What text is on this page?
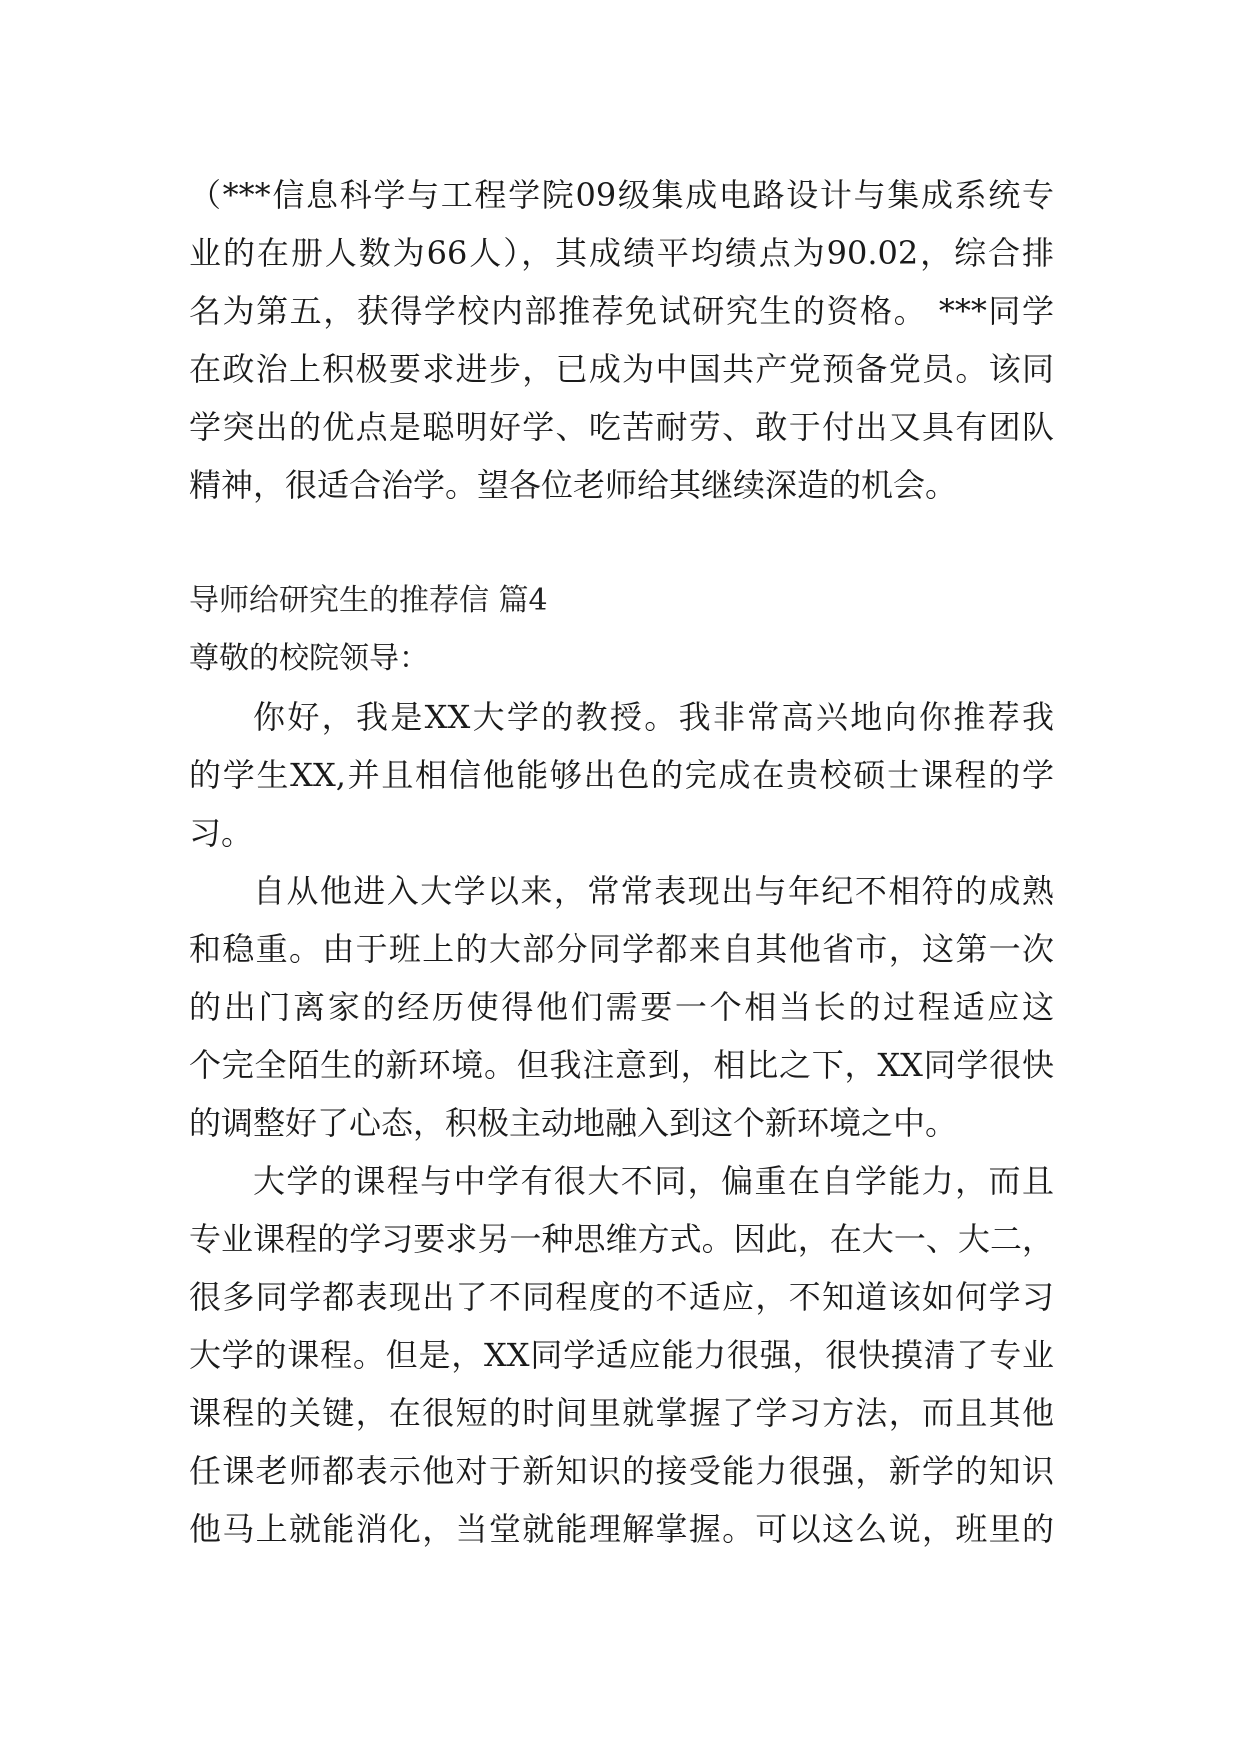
（***信息科学与工程学院09级集成电路设计与集成系统专
业的在册人数为66人），其成绩平均绩点为90.02，综合排
名为第五，获得学校内部推荐免试研究生的资格。 ***同学
在政治上积极要求进步，已成为中国共产党预备党员。该同
学突出的优点是聪明好学、吃苦耐劳、敢于付出又具有团队
精神，很适合治学。望各位老师给其继续深造的机会。
导师给研究生的推荐信 篇4
尊敬的校院领导：
你好，我是XX大学的教授。我非常高兴地向你推荐我
的学生XX,并且相信他能够出色的完成在贵校硕士课程的学
习。
自从他进入大学以来，常常表现出与年纪不相符的成熟
和稳重。由于班上的大部分同学都来自其他省市，这第一次
的出门离家的经历使得他们需要一个相当长的过程适应这
个完全陌生的新环境。但我注意到，相比之下，XX同学很快
的调整好了心态，积极主动地融入到这个新环境之中。
大学的课程与中学有很大不同，偏重在自学能力，而且
专业课程的学习要求另一种思维方式。因此，在大一、大二，
很多同学都表现出了不同程度的不适应，不知道该如何学习
大学的课程。但是，XX同学适应能力很强，很快摸清了专业
课程的关键，在很短的时间里就掌握了学习方法，而且其他
任课老师都表示他对于新知识的接受能力很强，新学的知识
他马上就能消化，当堂就能理解掌握。可以这么说，班里的
